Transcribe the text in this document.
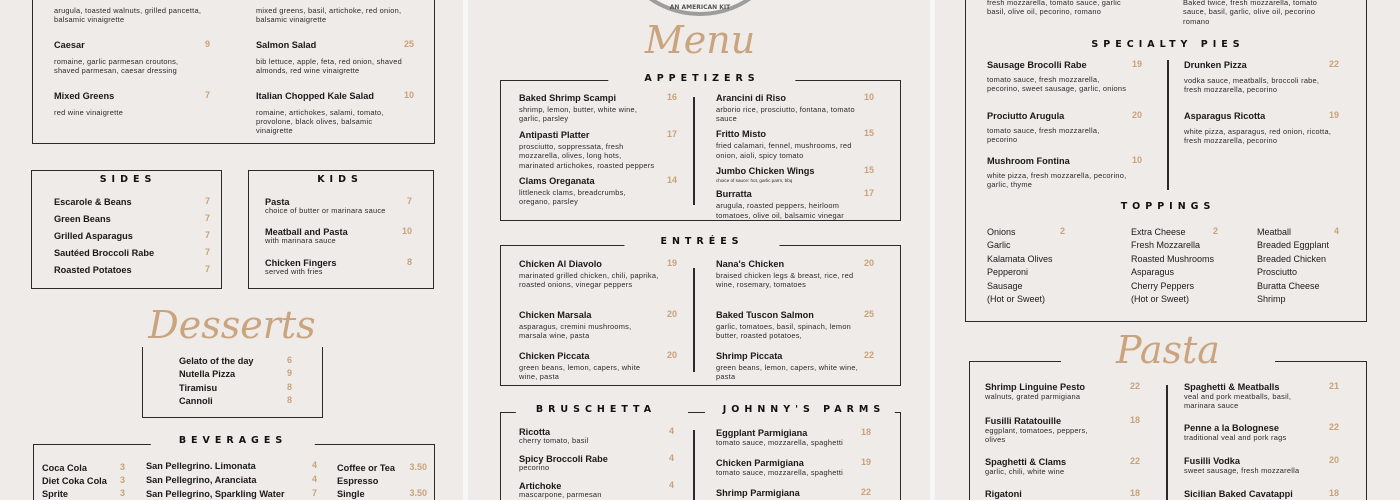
arugula, toasted walnuts, grilled pancetta, balsamic vinaigrette
Caesar	9
romaine, garlic parmesan croutons, shaved parmesan, caesar dressing
Mixed Greens	7
red wine vinaigrette
mixed greens, basil, artichoke, red onion, balsamic vinaigrette
Salmon Salad	25
bib lettuce, apple, feta, red onion, shaved almonds, red wine vinaigrette
Italian Chopped Kale Salad	10
romaine, artichokes, salami, tomato, provolone, black olives, balsamic vinaigrette
SIDES
Escarole & Beans	7
Green Beans	7
Grilled Asparagus	7
Sautéed Broccoli Rabe	7
Roasted Potatoes	7
KIDS
Pasta	7
choice of butter or marinara sauce
Meatball and Pasta	10
with marinara sauce
Chicken Fingers	8
served with fries
Desserts
Gelato of the day	6
Nutella Pizza	9
Tiramisu	8
Cannoli	8
BEVERAGES
Coca Cola	3
Diet Coka Cola 3
Sprite	3
San Pellegrino. Limonata	4
San Pellegrino, Aranciata	4
San Pellegrino, Sparkling Water	7
Coffee or Tea 3.50
Espresso
Single	3.50
AN AMERICAN KIT
Menu
APPETIZERS
Baked Shrimp Scampi	16
shrimp, lemon, butter, white wine, garlic, parsley
Antipasti Platter	17
prosciutto, soppressata, fresh mozzarella, olives, long hots, marinated artichokes, roasted peppers
Clams Oreganata	14
littleneck clams, breadcrumbs, oregano, parsley
Arancini di Riso	10
arborio rice, prosciutto, fontana, tomato sauce
Fritto Misto	15
fried calamari, fennel, mushrooms, red onion, aioli, spicy tomato
Jumbo Chicken Wings	15
choice of sauce: hot, garlic parm, bbq
Burratta	17
arugula, roasted peppers, heirloom tomatoes, olive oil, balsamic vinegar
ENTRÉES
Chicken Al Diavolo	19
marinated grilled chicken, chili, paprika, roasted onions, vinegar peppers
Chicken Marsala	20
asparagus, cremini mushrooms, marsala wine, pasta
Chicken Piccata	20
green beans, lemon, capers, white wine, pasta
Nana's Chicken	20
braised chicken legs & breast, rice, red wine, rosemary, tomatoes
Baked Tuscon Salmon	25
garlic, tomatoes, basil, spinach, lemon butter, roasted potatoes,
Shrimp Piccata	22
green beans, lemon, capers, white wine, pasta
BRUSCHETTA	JOHNNY'S PARMS
Ricotta	4
cherry tomato, basil
Spicy Broccoli Rabe	4
pecorino
Artichoke	4
mascarpone, parmesan
Eggplant Parmigiana	18
tomato sauce, mozzarella, spaghetti
Chicken Parmigiana	19
tomato sauce, mozzarella, spaghetti
Shrimp Parmigiana	22
fresh mozzarella, tomato sauce, garlic basil, olive oil, pecorino, romano
Baked twice, fresh mozzarella, tomato sauce, basil, garlic, olive oil, pecorino romano
SPECIALTY PIES
Sausage Brocolli Rabe	19
tomato sauce, fresh mozzarella, pecorino, sweet sausage, garlic, onions
Prociutto Arugula	20
tomato sauce, fresh mozzarella, pecorino
Mushroom Fontina	10
white pizza, fresh mozzarella, pecorino, garlic, thyme
Drunken Pizza	22
vodka sauce, meatballs, broccoli rabe, fresh mozzarella, pecorino
Asparagus Ricotta	19
white pizza, asparagus, red onion, ricotta, fresh mozzarella, pecorino
TOPPINGS
Onions	2
Garlic
Kalamata Olives
Pepperoni
Sausage
(Hot or Sweet)
Extra Cheese	2
Fresh Mozzarella
Roasted Mushrooms
Asparagus
Cherry Peppers
(Hot or Sweet)
Meatball	4
Breaded Eggplant
Breaded Chicken
Prosciutto
Buratta Cheese
Shrimp
Pasta
Shrimp Linguine Pesto	22
walnuts, grated parmigiana
Fusilli Ratatouille	18
eggplant, tomatoes, peppers, olives
Spaghetti & Clams	22
garlic, chili, white wine
Rigatoni	18
Spaghetti & Meatballs	21
veal and pork meatballs, basil, marinara sauce
Penne a la Bolognese	22
traditional veal and pork rags
Fusilli Vodka	20
sweet sausage, fresh mozzarella
Sicilian Baked Cavatappi	18
